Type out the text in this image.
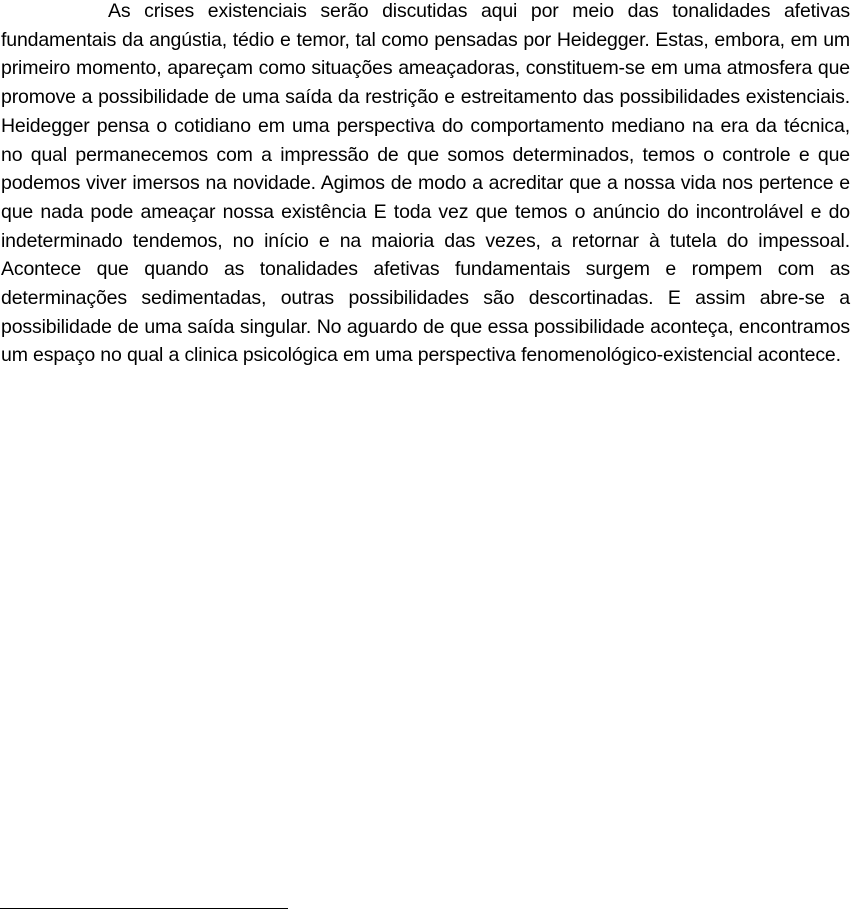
As crises existenciais serão discutidas aqui por meio das tonalidades afetivas fundamentais da angústia, tédio e temor, tal como pensadas por Heidegger. Estas, embora, em um primeiro momento, apareçam como situações ameaçadoras, constituem-se em uma atmosfera que promove a possibilidade de uma saída da restrição e estreitamento das possibilidades existenciais. Heidegger pensa o cotidiano em uma perspectiva do comportamento mediano na era da técnica, no qual permanecemos com a impressão de que somos determinados, temos o controle e que podemos viver imersos na novidade. Agimos de modo a acreditar que a nossa vida nos pertence e que nada pode ameaçar nossa existência E toda vez que temos o anúncio do incontrolável e do indeterminado tendemos, no início e na maioria das vezes, a retornar à tutela do impessoal. Acontece que quando as tonalidades afetivas fundamentais surgem e rompem com as determinações sedimentadas, outras possibilidades são descortinadas. E assim abre-se a possibilidade de uma saída singular. No aguardo de que essa possibilidade aconteça, encontramos um espaço no qual a clinica psicológica em uma perspectiva fenomenológico-existencial acontece.
